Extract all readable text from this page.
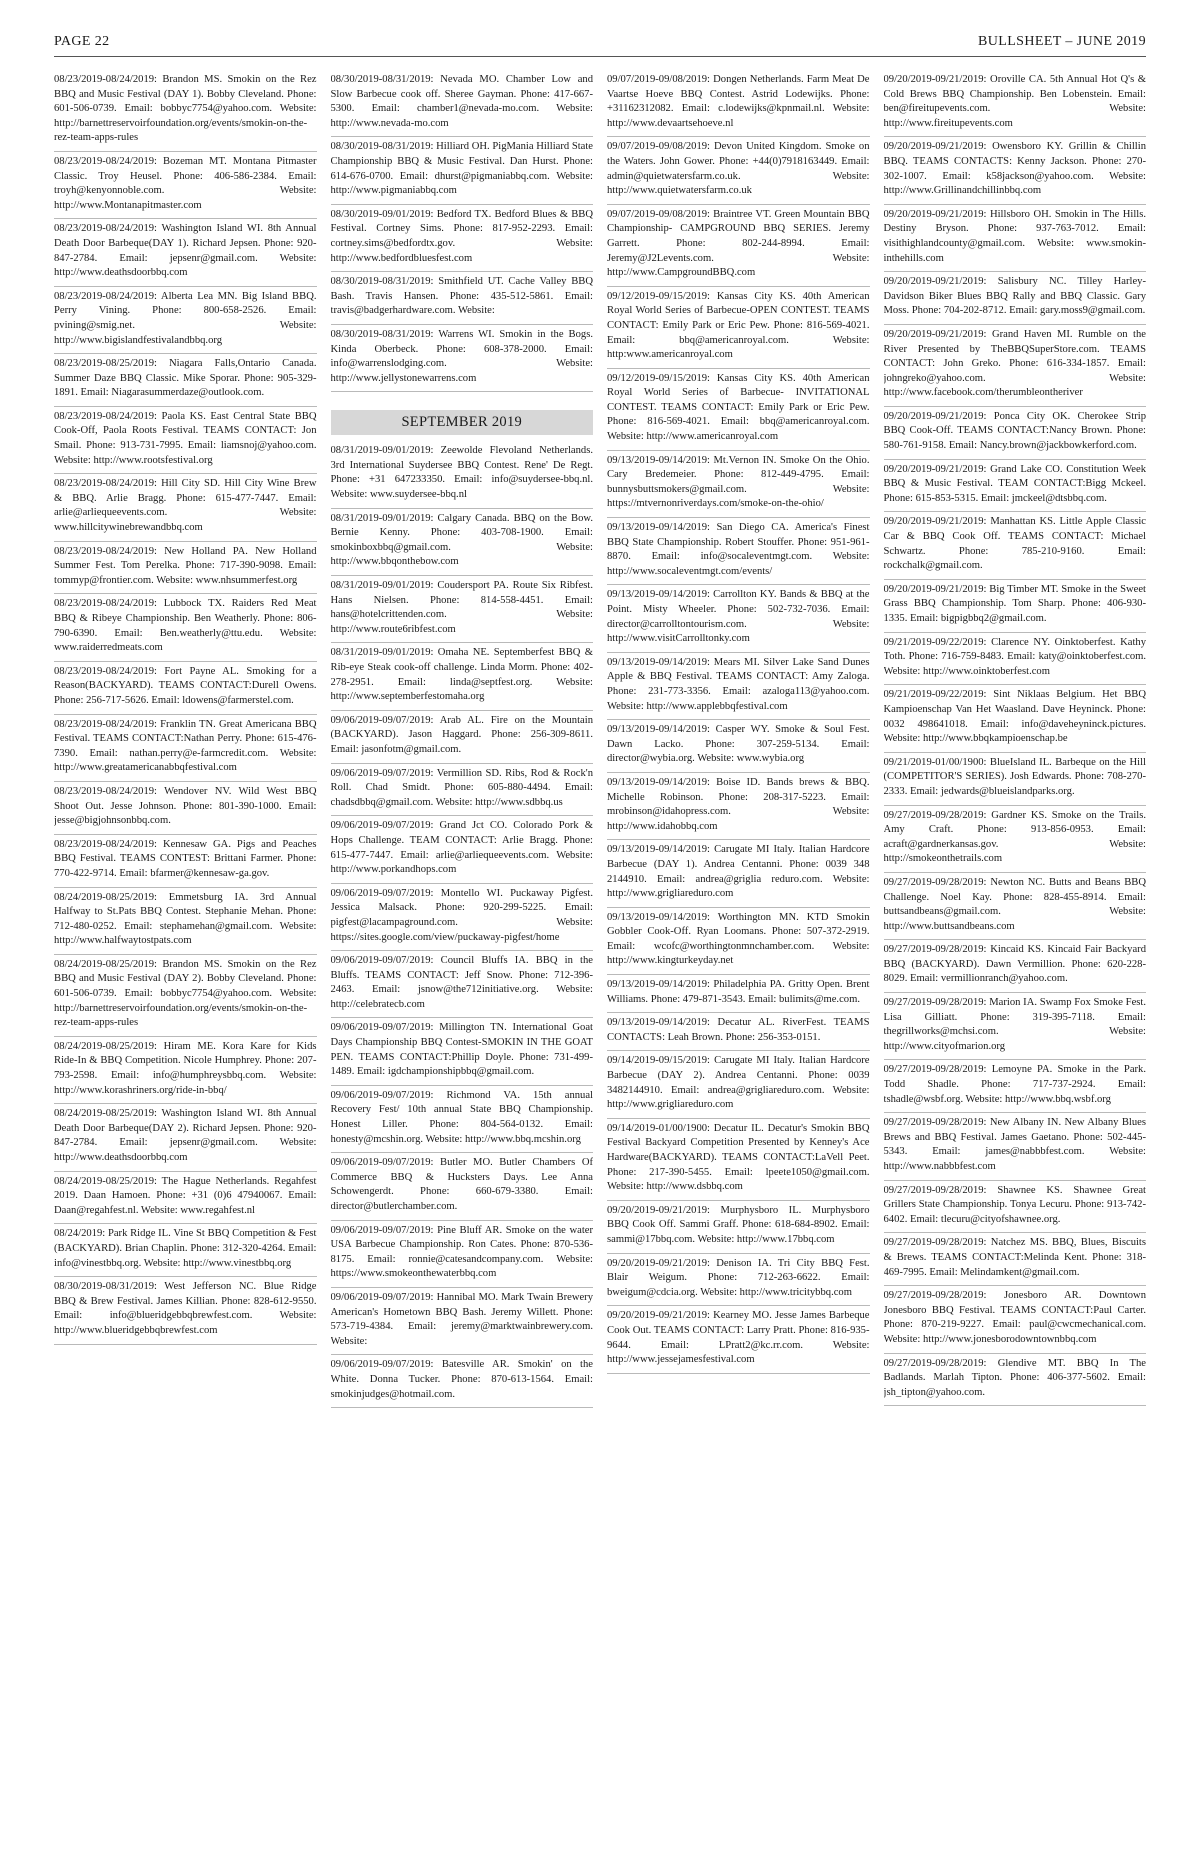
PAGE 22	BULLSHEET – JUNE 2019
08/23/2019-08/24/2019: Brandon MS. Smokin on the Rez BBQ and Music Festival (DAY 1). Bobby Cleveland. Phone: 601-506-0739. Email: bobbyc7754@yahoo.com. Website: http://barnettreservoirfoundation.org/events/smokin-on-the-rez-team-apps-rules
08/23/2019-08/24/2019: Bozeman MT. Montana Pitmaster Classic. Troy Heusel. Phone: 406-586-2384. Email: troyh@kenyonnoble.com. Website: http://www.Montanapitmaster.com
08/23/2019-08/24/2019: Washington Island WI. 8th Annual Death Door Barbeque(DAY 1). Richard Jepsen. Phone: 920-847-2784. Email: jepsenr@gmail.com. Website: http://www.deathsdoorbbq.com
08/23/2019-08/24/2019: Alberta Lea MN. Big Island BBQ. Perry Vining. Phone: 800-658-2526. Email: pvining@smig.net. Website: http://www.bigislandfestivalandbbq.org
08/23/2019-08/25/2019: Niagara Falls,Ontario Canada. Summer Daze BBQ Classic. Mike Sporar. Phone: 905-329-1891. Email: Niagarasummerdaze@outlook.com.
08/23/2019-08/24/2019: Paola KS. East Central State BBQ Cook-Off, Paola Roots Festival. TEAMS CONTACT: Jon Smail. Phone: 913-731-7995. Email: liamsnoj@yahoo.com. Website: http://www.rootsfestival.org
08/23/2019-08/24/2019: Hill City SD. Hill City Wine Brew & BBQ. Arlie Bragg. Phone: 615-477-7447. Email: arlie@arliequeevents.com. Website: www.hillcitywinebrewandbbq.com
08/23/2019-08/24/2019: New Holland PA. New Holland Summer Fest. Tom Perelka. Phone: 717-390-9098. Email: tommyp@frontier.com. Website: www.nhsummerfest.org
08/23/2019-08/24/2019: Lubbock TX. Raiders Red Meat BBQ & Ribeye Championship. Ben Weatherly. Phone: 806-790-6390. Email: Ben.weatherly@ttu.edu. Website: www.raiderredmeats.com
08/23/2019-08/24/2019: Fort Payne AL. Smoking for a Reason(BACKYARD). TEAMS CONTACT:Durell Owens. Phone: 256-717-5626. Email: ldowens@farmerstel.com.
08/23/2019-08/24/2019: Franklin TN. Great Americana BBQ Festival. TEAMS CONTACT:Nathan Perry. Phone: 615-476-7390. Email: nathan.perry@e-farmcredit.com. Website: http://www.greatamericanabbqfestival.com
08/23/2019-08/24/2019: Wendover NV. Wild West BBQ Shoot Out. Jesse Johnson. Phone: 801-390-1000. Email: jesse@bigjohnsonbbq.com.
08/23/2019-08/24/2019: Kennesaw GA. Pigs and Peaches BBQ Festival. TEAMS CONTEST: Brittani Farmer. Phone: 770-422-9714. Email: bfarmer@kennesaw-ga.gov.
08/24/2019-08/25/2019: Emmetsburg IA. 3rd Annual Halfway to St.Pats BBQ Contest. Stephanie Mehan. Phone: 712-480-0252. Email: stephamehan@gmail.com. Website: http://www.halfwaytostpats.com
08/24/2019-08/25/2019: Brandon MS. Smokin on the Rez BBQ and Music Festival (DAY 2). Bobby Cleveland. Phone: 601-506-0739. Email: bobbyc7754@yahoo.com. Website: http://barnettreservoirfoundation.org/events/smokin-on-the-rez-team-apps-rules
08/24/2019-08/25/2019: Hiram ME. Kora Kare for Kids Ride-In & BBQ Competition. Nicole Humphrey. Phone: 207-793-2598. Email: info@humphreysbbq.com. Website: http://www.korashriners.org/ride-in-bbq/
08/24/2019-08/25/2019: Washington Island WI. 8th Annual Death Door Barbeque(DAY 2). Richard Jepsen. Phone: 920-847-2784. Email: jepsenr@gmail.com. Website: http://www.deathsdoorbbq.com
08/24/2019-08/25/2019: The Hague Netherlands. Regahfest 2019. Daan Hamoen. Phone: +31 (0)6 47940067. Email: Daan@regahfest.nl. Website: www.regahfest.nl
08/24/2019: Park Ridge IL. Vine St BBQ Competition & Fest (BACKYARD). Brian Chaplin. Phone: 312-320-4264. Email: info@vinestbbq.org. Website: http://www.vinestbbq.org
08/30/2019-08/31/2019: West Jefferson NC. Blue Ridge BBQ & Brew Festival. James Killian. Phone: 828-612-9550. Email: info@blueridgebbqbrewfest.com. Website: http://www.blueridgebbqbrewfest.com
08/30/2019-08/31/2019: Nevada MO. Chamber Low and Slow Barbecue cook off. Sheree Gayman. Phone: 417-667-5300. Email: chamber1@nevada-mo.com. Website: http://www.nevada-mo.com
08/30/2019-08/31/2019: Hilliard OH. PigMania Hilliard State Championship BBQ & Music Festival. Dan Hurst. Phone: 614-676-0700. Email: dhurst@pigmaniabbq.com. Website: http://www.pigmaniabbq.com
08/30/2019-09/01/2019: Bedford TX. Bedford Blues & BBQ Festival. Cortney Sims. Phone: 817-952-2293. Email: cortney.sims@bedfordtx.gov. Website: http://www.bedfordbluesfest.com
08/30/2019-08/31/2019: Smithfield UT. Cache Valley BBQ Bash. Travis Hansen. Phone: 435-512-5861. Email: travis@badgerhardware.com. Website:
08/30/2019-08/31/2019: Warrens WI. Smokin in the Bogs. Kinda Oberbeck. Phone: 608-378-2000. Email: info@warrenslodging.com. Website: http://www.jellystonewarrens.com
SEPTEMBER 2019
08/31/2019-09/01/2019: Zeewolde Flevoland Netherlands. 3rd International Suydersee BBQ Contest. Rene' De Regt. Phone: +31 647233350. Email: info@suydersee-bbq.nl. Website: www.suydersee-bbq.nl
08/31/2019-09/01/2019: Calgary Canada. BBQ on the Bow. Bernie Kenny. Phone: 403-708-1900. Email: smokinboxbbq@gmail.com. Website: http://www.bbqonthebow.com
08/31/2019-09/01/2019: Coudersport PA. Route Six Ribfest. Hans Nielsen. Phone: 814-558-4451. Email: hans@hotelcrittenden.com. Website: http://www.route6ribfest.com
08/31/2019-09/01/2019: Omaha NE. Septemberfest BBQ & Rib-eye Steak cook-off challenge. Linda Morm. Phone: 402-278-2951. Email: linda@septfest.org. Website: http://www.septemberfestomaha.org
09/06/2019-09/07/2019: Arab AL. Fire on the Mountain (BACKYARD). Jason Haggard. Phone: 256-309-8611. Email: jasonfotm@gmail.com.
09/06/2019-09/07/2019: Vermillion SD. Ribs, Rod & Rock'n Roll. Chad Smidt. Phone: 605-880-4494. Email: chadsdbbq@gmail.com. Website: http://www.sdbbq.us
09/06/2019-09/07/2019: Grand Jct CO. Colorado Pork & Hops Challenge. TEAM CONTACT: Arlie Bragg. Phone: 615-477-7447. Email: arlie@arliequeevents.com. Website: http://www.porkandhops.com
09/06/2019-09/07/2019: Montello WI. Puckaway Pigfest. Jessica Malsack. Phone: 920-299-5225. Email: pigfest@lacampaground.com. Website: https://sites.google.com/view/puckaway-pigfest/home
09/06/2019-09/07/2019: Council Bluffs IA. BBQ in the Bluffs. TEAMS CONTACT: Jeff Snow. Phone: 712-396-2463. Email: jsnow@the712initiative.org. Website: http://celebratecb.com
09/06/2019-09/07/2019: Millington TN. International Goat Days Championship BBQ Contest-SMOKIN IN THE GOAT PEN. TEAMS CONTACT:Phillip Doyle. Phone: 731-499-1489. Email: igdchampionshipbbq@gmail.com.
09/06/2019-09/07/2019: Richmond VA. 15th annual Recovery Fest/ 10th annual State BBQ Championship. Honest Liller. Phone: 804-564-0132. Email: honesty@mcshin.org. Website: http://www.bbq.mcshin.org
09/06/2019-09/07/2019: Butler MO. Butler Chambers Of Commerce BBQ & Hucksters Days. Lee Anna Schowengerdt. Phone: 660-679-3380. Email: director@butlerchamber.com.
09/06/2019-09/07/2019: Pine Bluff AR. Smoke on the water USA Barbecue Championship. Ron Cates. Phone: 870-536-8175. Email: ronnie@catesandcompany.com. Website: https://www.smokeonthewaterbbq.com
09/06/2019-09/07/2019: Hannibal MO. Mark Twain Brewery American's Hometown BBQ Bash. Jeremy Willett. Phone: 573-719-4384. Email: jeremy@marktwainbrewery.com. Website:
09/06/2019-09/07/2019: Batesville AR. Smokin' on the White. Donna Tucker. Phone: 870-613-1564. Email: smokinjudges@hotmail.com.
09/07/2019-09/08/2019: Dongen Netherlands. Farm Meat De Vaartse Hoeve BBQ Contest. Astrid Lodewijks. Phone: +31162312082. Email: c.lodewijks@kpnmail.nl. Website: http://www.devaartsehoeve.nl
09/07/2019-09/08/2019: Devon United Kingdom. Smoke on the Waters. John Gower. Phone: +44(0)7918163449. Email: admin@quietwatersfarm.co.uk. Website: http://www.quietwatersfarm.co.uk
09/07/2019-09/08/2019: Braintree VT. Green Mountain BBQ Championship- CAMPGROUND BBQ SERIES. Jeremy Garrett. Phone: 802-244-8994. Email: Jeremy@J2Levents.com. Website: http://www.CampgroundBBQ.com
09/12/2019-09/15/2019: Kansas City KS. 40th American Royal World Series of Barbecue-OPEN CONTEST. TEAMS CONTACT: Emily Park or Eric Pew. Phone: 816-569-4021. Email: bbq@americanroyal.com. Website: http:www.americanroyal.com
09/12/2019-09/15/2019: Kansas City KS. 40th American Royal World Series of Barbecue- INVITATIONAL CONTEST. TEAMS CONTACT: Emily Park or Eric Pew. Phone: 816-569-4021. Email: bbq@americanroyal.com. Website: http://www.americanroyal.com
09/13/2019-09/14/2019: Mt.Vernon IN. Smoke On the Ohio. Cary Bredemeier. Phone: 812-449-4795. Email: bunnysbuttsmokers@gmail.com. Website: https://mtvernonriverdays.com/smoke-on-the-ohio/
09/13/2019-09/14/2019: San Diego CA. America's Finest BBQ State Championship. Robert Stouffer. Phone: 951-961-8870. Email: info@socaleventmgt.com. Website: http://www.socaleventmgt.com/events/
09/13/2019-09/14/2019: Carrollton KY. Bands & BBQ at the Point. Misty Wheeler. Phone: 502-732-7036. Email: director@carrolltontourism.com. Website: http://www.visitCarrolltonky.com
09/13/2019-09/14/2019: Mears MI. Silver Lake Sand Dunes Apple & BBQ Festival. TEAMS CONTACT: Amy Zaloga. Phone: 231-773-3356. Email: azaloga113@yahoo.com. Website: http://www.applebbqfestival.com
09/13/2019-09/14/2019: Casper WY. Smoke & Soul Fest. Dawn Lacko. Phone: 307-259-5134. Email: director@wybia.org. Website: www.wybia.org
09/13/2019-09/14/2019: Boise ID. Bands brews & BBQ. Michelle Robinson. Phone: 208-317-5223. Email: mrobinson@idahopress.com. Website: http://www.idahobbq.com
09/13/2019-09/14/2019: Carugate MI Italy. Italian Hardcore Barbecue (DAY 1). Andrea Centanni. Phone: 0039 348 2144910. Email: andrea@griglia reduro.com. Website: http://www.grigliareduro.com
09/13/2019-09/14/2019: Worthington MN. KTD Smokin Gobbler Cook-Off. Ryan Loomans. Phone: 507-372-2919. Email: wcofc@worthingtonmnchamber.com. Website: http://www.kingturkeyday.net
09/13/2019-09/14/2019: Philadelphia PA. Gritty Open. Brent Williams. Phone: 479-871-3543. Email: bulimits@me.com.
09/13/2019-09/14/2019: Decatur AL. RiverFest. TEAMS CONTACTS: Leah Brown. Phone: 256-353-0151.
09/14/2019-09/15/2019: Carugate MI Italy. Italian Hardcore Barbecue (DAY 2). Andrea Centanni. Phone: 0039 3482144910. Email: andrea@grigliareduro.com. Website: http://www.grigliareduro.com
09/14/2019-01/00/1900: Decatur IL. Decatur's Smokin BBQ Festival Backyard Competition Presented by Kenney's Ace Hardware(BACKYARD). TEAMS CONTACT:LaVell Peet. Phone: 217-390-5455. Email: lpeete1050@gmail.com. Website: http://www.dsbbq.com
09/20/2019-09/21/2019: Murphysboro IL. Murphysboro BBQ Cook Off. Sammi Graff. Phone: 618-684-8902. Email: sammi@17bbq.com. Website: http://www.17bbq.com
09/20/2019-09/21/2019: Denison IA. Tri City BBQ Fest. Blair Weigum. Phone: 712-263-6622. Email: bweigum@cdcia.org. Website: http://www.tricitybbq.com
09/20/2019-09/21/2019: Kearney MO. Jesse James Barbeque Cook Out. TEAMS CONTACT: Larry Pratt. Phone: 816-935-9644. Email: LPratt2@kc.rr.com. Website: http://www.jessejamesfestival.com
09/20/2019-09/21/2019: Oroville CA. 5th Annual Hot Q's & Cold Brews BBQ Championship. Ben Lobenstein. Email: ben@fireitupevents.com. Website: http://www.fireitupevents.com
09/20/2019-09/21/2019: Owensboro KY. Grillin & Chillin BBQ. TEAMS CONTACTS: Kenny Jackson. Phone: 270-302-1007. Email: k58jackson@yahoo.com. Website: http://www.Grillinandchillinbbq.com
09/20/2019-09/21/2019: Hillsboro OH. Smokin in The Hills. Destiny Bryson. Phone: 937-763-7012. Email: visithighlandcounty@gmail.com. Website: www.smokin-inthehills.com
09/20/2019-09/21/2019: Salisbury NC. Tilley Harley-Davidson Biker Blues BBQ Rally and BBQ Classic. Gary Moss. Phone: 704-202-8712. Email: gary.moss9@gmail.com.
09/20/2019-09/21/2019: Grand Haven MI. Rumble on the River Presented by TheBBQSuperStore.com. TEAMS CONTACT: John Greko. Phone: 616-334-1857. Email: johngreko@yahoo.com. Website: http://www.facebook.com/therumbleontheriver
09/20/2019-09/21/2019: Ponca City OK. Cherokee Strip BBQ Cook-Off. TEAMS CONTACT:Nancy Brown. Phone: 580-761-9158. Email: Nancy.brown@jackbowkerford.com.
09/20/2019-09/21/2019: Grand Lake CO. Constitution Week BBQ & Music Festival. TEAM CONTACT:Bigg Mckeel. Phone: 615-853-5315. Email: jmckeel@dtsbbq.com.
09/20/2019-09/21/2019: Manhattan KS. Little Apple Classic Car & BBQ Cook Off. TEAMS CONTACT: Michael Schwartz. Phone: 785-210-9160. Email: rockchalk@gmail.com.
09/20/2019-09/21/2019: Big Timber MT. Smoke in the Sweet Grass BBQ Championship. Tom Sharp. Phone: 406-930-1335. Email: bigpigbbq2@gmail.com.
09/21/2019-09/22/2019: Clarence NY. Oinktoberfest. Kathy Toth. Phone: 716-759-8483. Email: katy@oinktoberfest.com. Website: http://www.oinktoberfest.com
09/21/2019-09/22/2019: Sint Niklaas Belgium. Het BBQ Kampioenschap Van Het Waasland. Dave Heyninck. Phone: 0032 498641018. Email: info@daveheyninck.pictures. Website: http://www.bbqkampioenschap.be
09/21/2019-01/00/1900: BlueIsland IL. Barbeque on the Hill (COMPETITOR'S SERIES). Josh Edwards. Phone: 708-270-2333. Email: jedwards@blueislandparks.org.
09/27/2019-09/28/2019: Gardner KS. Smoke on the Trails. Amy Craft. Phone: 913-856-0953. Email: acraft@gardnerkansas.gov. Website: http://smokeonthetrails.com
09/27/2019-09/28/2019: Newton NC. Butts and Beans BBQ Challenge. Noel Kay. Phone: 828-455-8914. Email: buttsandbeans@gmail.com. Website: http://www.buttsandbeans.com
09/27/2019-09/28/2019: Kincaid KS. Kincaid Fair Backyard BBQ (BACKYARD). Dawn Vermillion. Phone: 620-228-8029. Email: vermillionranch@yahoo.com.
09/27/2019-09/28/2019: Marion IA. Swamp Fox Smoke Fest. Lisa Gilliatt. Phone: 319-395-7118. Email: thegrillworks@mchsi.com. Website: http://www.cityofmarion.org
09/27/2019-09/28/2019: Lemoyne PA. Smoke in the Park. Todd Shadle. Phone: 717-737-2924. Email: tshadle@wsbf.org. Website: http://www.bbq.wsbf.org
09/27/2019-09/28/2019: New Albany IN. New Albany Blues Brews and BBQ Festival. James Gaetano. Phone: 502-445-5343. Email: james@nabbbfest.com. Website: http://www.nabbbfest.com
09/27/2019-09/28/2019: Shawnee KS. Shawnee Great Grillers State Championship. Tonya Lecuru. Phone: 913-742-6402. Email: tlecuru@cityofshawnee.org.
09/27/2019-09/28/2019: Natchez MS. BBQ, Blues, Biscuits & Brews. TEAMS CONTACT:Melinda Kent. Phone: 318-469-7995. Email: Melindamkent@gmail.com.
09/27/2019-09/28/2019: Jonesboro AR. Downtown Jonesboro BBQ Festival. TEAMS CONTACT:Paul Carter. Phone: 870-219-9227. Email: paul@cwcmechanical.com. Website: http://www.jonesborodowntownbbq.com
09/27/2019-09/28/2019: Glendive MT. BBQ In The Badlands. Marlah Tipton. Phone: 406-377-5602. Email: jsh_tipton@yahoo.com.
